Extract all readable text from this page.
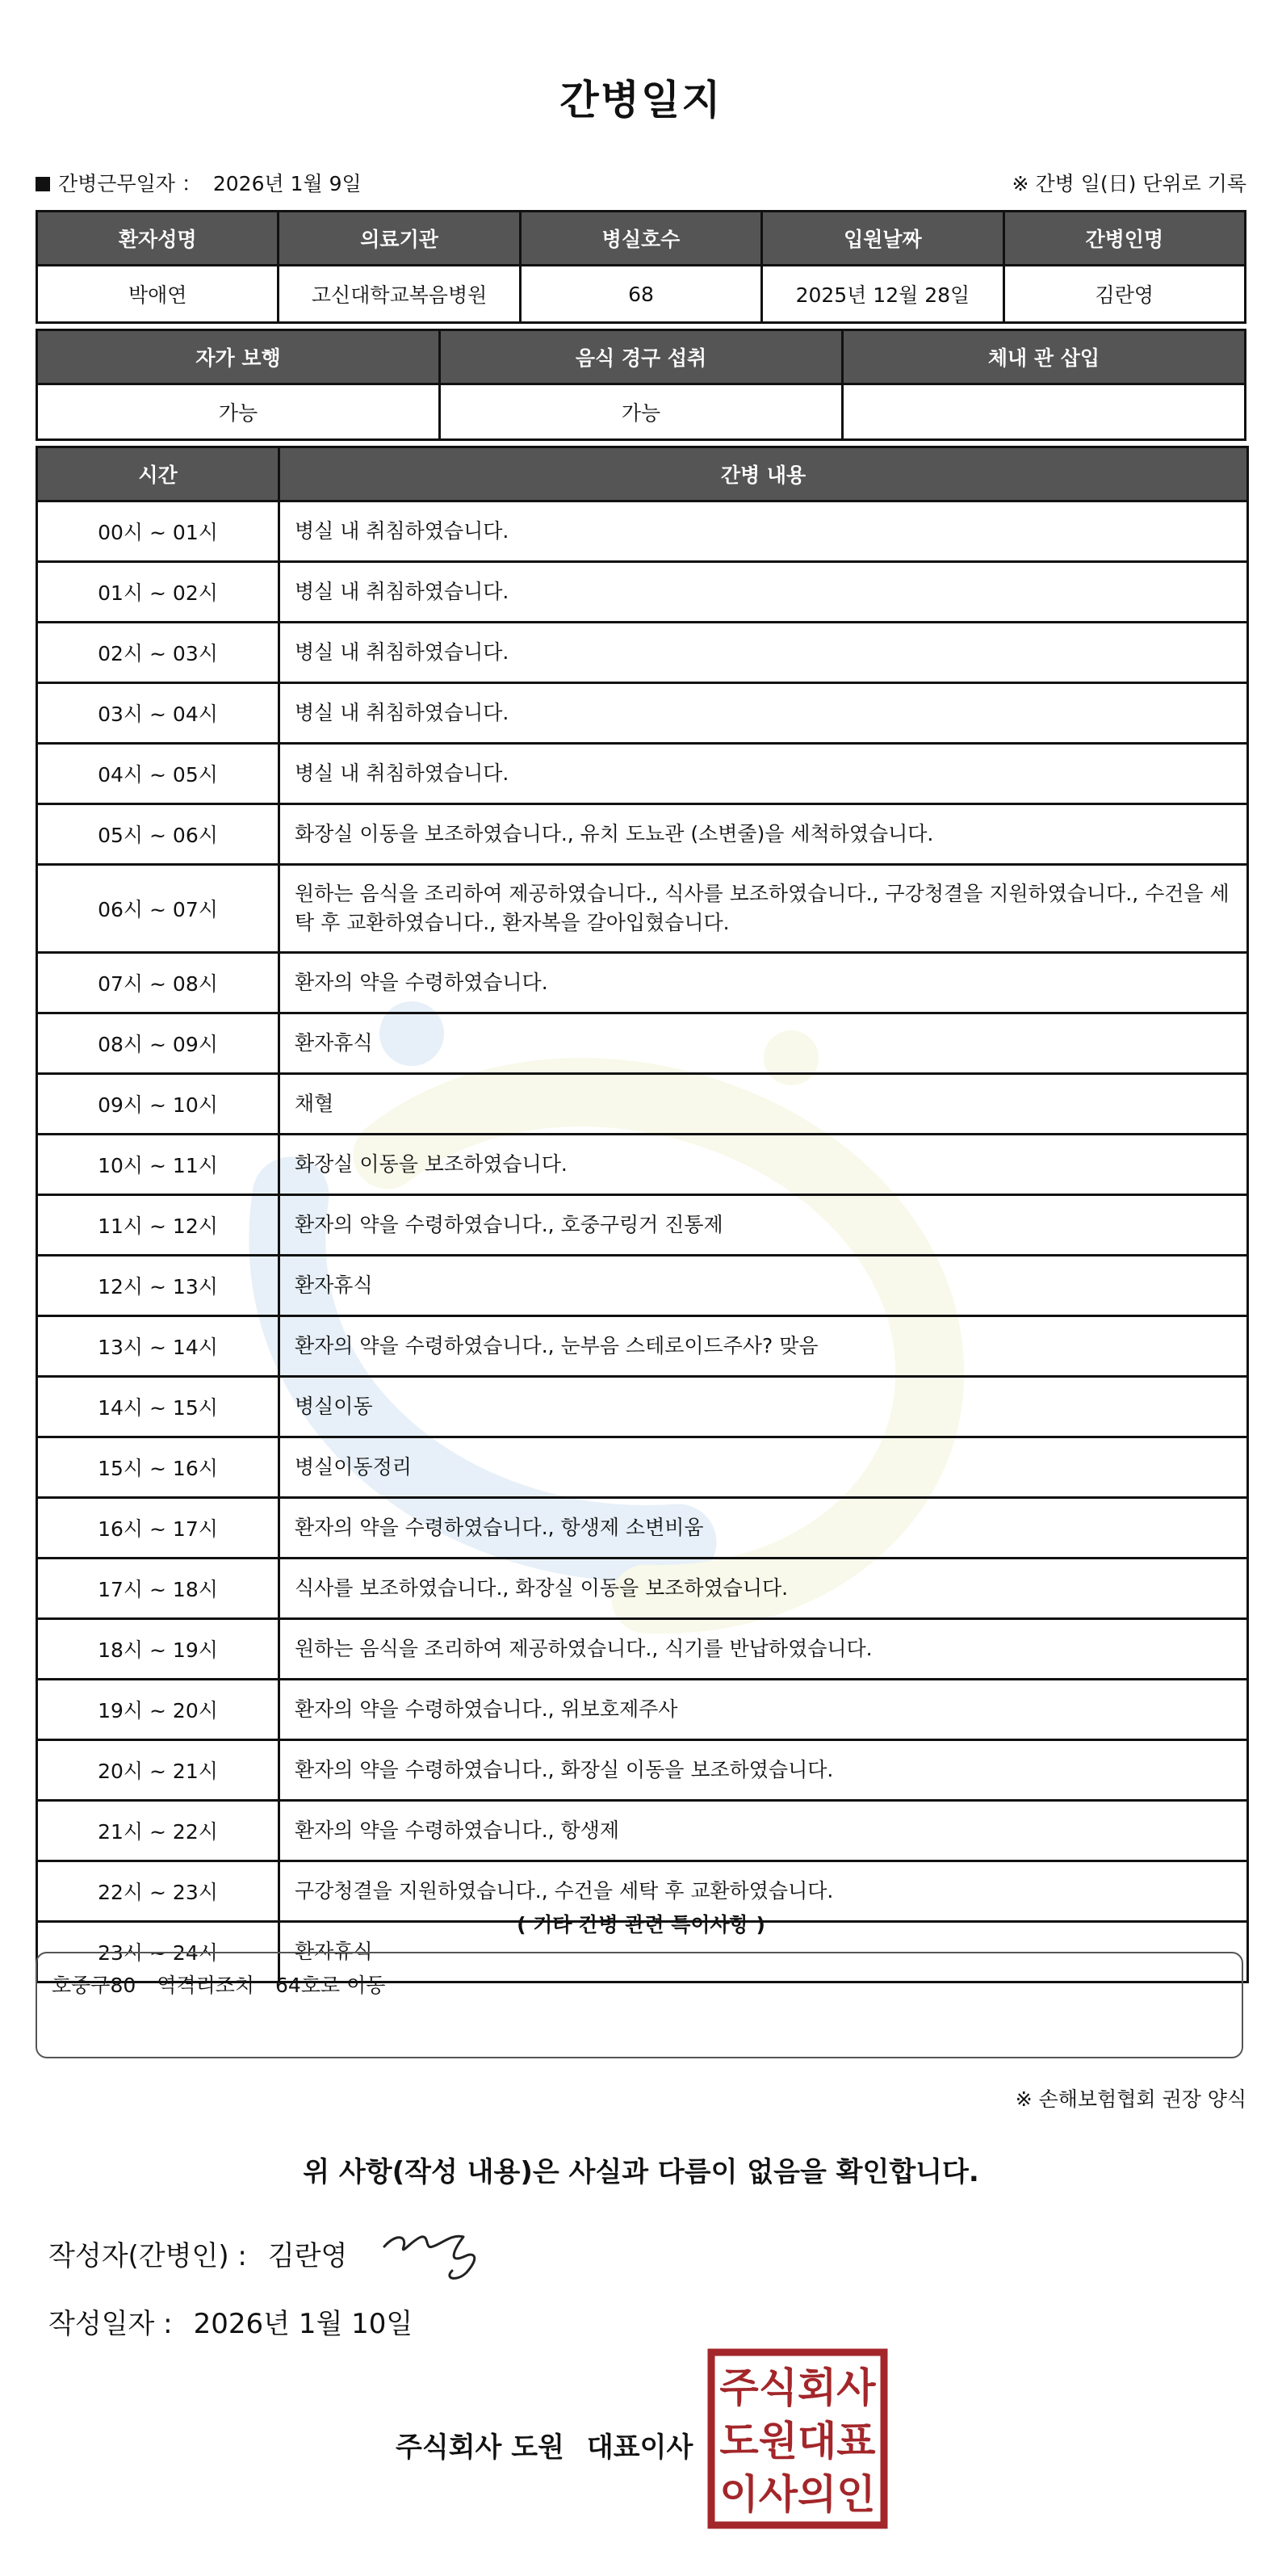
간병일지
간병근무일자 ： 2026년 1월 9일	※ 간병 일(日) 단위로 기록
환자성명	의료기관	병실호수	입원날짜	간병인명
박애연	고신대학교복음병원	68	2025년 12월 28일	김란영
자가 보행	음식 경구 섭취	체내 관 삽입
가능	가능	
시간	간병 내용
00시 ~ 01시	병실 내 취침하였습니다.
01시 ~ 02시	병실 내 취침하였습니다.
02시 ~ 03시	병실 내 취침하였습니다.
03시 ~ 04시	병실 내 취침하였습니다.
04시 ~ 05시	병실 내 취침하였습니다.
05시 ~ 06시	화장실 이동을 보조하였습니다., 유치 도뇨관 (소변줄)을 세척하였습니다.
06시 ~ 07시	원하는 음식을 조리하여 제공하였습니다., 식사를 보조하였습니다., 구강청결을 지원하였습니다., 수건을 세탁 후 교환하였습니다., 환자복을 갈아입혔습니다.
07시 ~ 08시	환자의 약을 수령하였습니다.
08시 ~ 09시	환자휴식
09시 ~ 10시	채혈
10시 ~ 11시	화장실 이동을 보조하였습니다.
11시 ~ 12시	환자의 약을 수령하였습니다., 호중구링거 진통제
12시 ~ 13시	환자휴식
13시 ~ 14시	환자의 약을 수령하였습니다., 눈부음 스테로이드주사? 맞음
14시 ~ 15시	병실이동
15시 ~ 16시	병실이동정리
16시 ~ 17시	환자의 약을 수령하였습니다., 항생제 소변비움
17시 ~ 18시	식사를 보조하였습니다., 화장실 이동을 보조하였습니다.
18시 ~ 19시	원하는 음식을 조리하여 제공하였습니다., 식기를 반납하였습니다.
19시 ~ 20시	환자의 약을 수령하였습니다., 위보호제주사
20시 ~ 21시	환자의 약을 수령하였습니다., 화장실 이동을 보조하였습니다.
21시 ~ 22시	환자의 약을 수령하였습니다., 항생제
22시 ~ 23시	구강청결을 지원하였습니다., 수건을 세탁 후 교환하였습니다.
23시 ~ 24시	환자휴식
( 기타 간병 관련 특이사항 )
호중구80 역격리조치 64호로 이동
※ 손해보험협회 권장 양식
위 사항(작성 내용)은 사실과 다름이 없음을 확인합니다.
작성자(간병인) : 김란영
작성일자 : 2026년 1월 10일
주식회사 도원 대표이사
주식회사
도원대표
이사의인
